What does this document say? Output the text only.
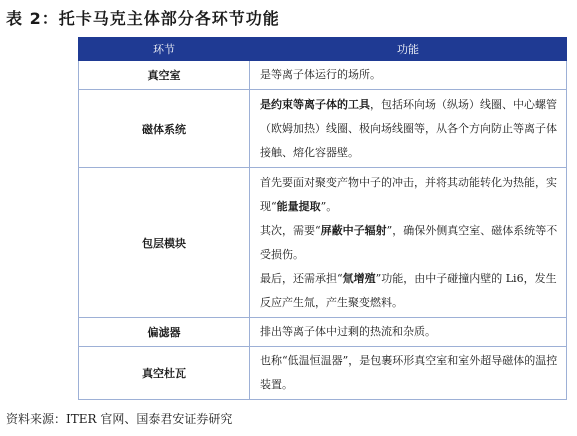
表 2：托卡马克主体部分各环节功能
环节	功能
真空室	是等离子体运行的场所。

磁体系统	是约束等离子体的工具，包括环向场（纵场）线圈、中心螺管（欧姆加热）线圈、极向场线圈等，从各个方向防止等离子体接触、熔化容器壁。

包层模块	首先要面对聚变产物中子的冲击，并将其动能转化为热能，实现“能量提取”。

其次，需要“屏蔽中子辐射”，确保外侧真空室、磁体系统等不受损伤。

最后，还需承担“氚增殖”功能，由中子碰撞内壁的 Li6，发生反应产生氚，产生聚变燃料。

偏滤器	排出等离子体中过剩的热流和杂质。

真空杜瓦	也称“低温恒温器”，是包裹环形真空室和室外超导磁体的温控装置。

资料来源：ITER 官网、国泰君安证券研究
